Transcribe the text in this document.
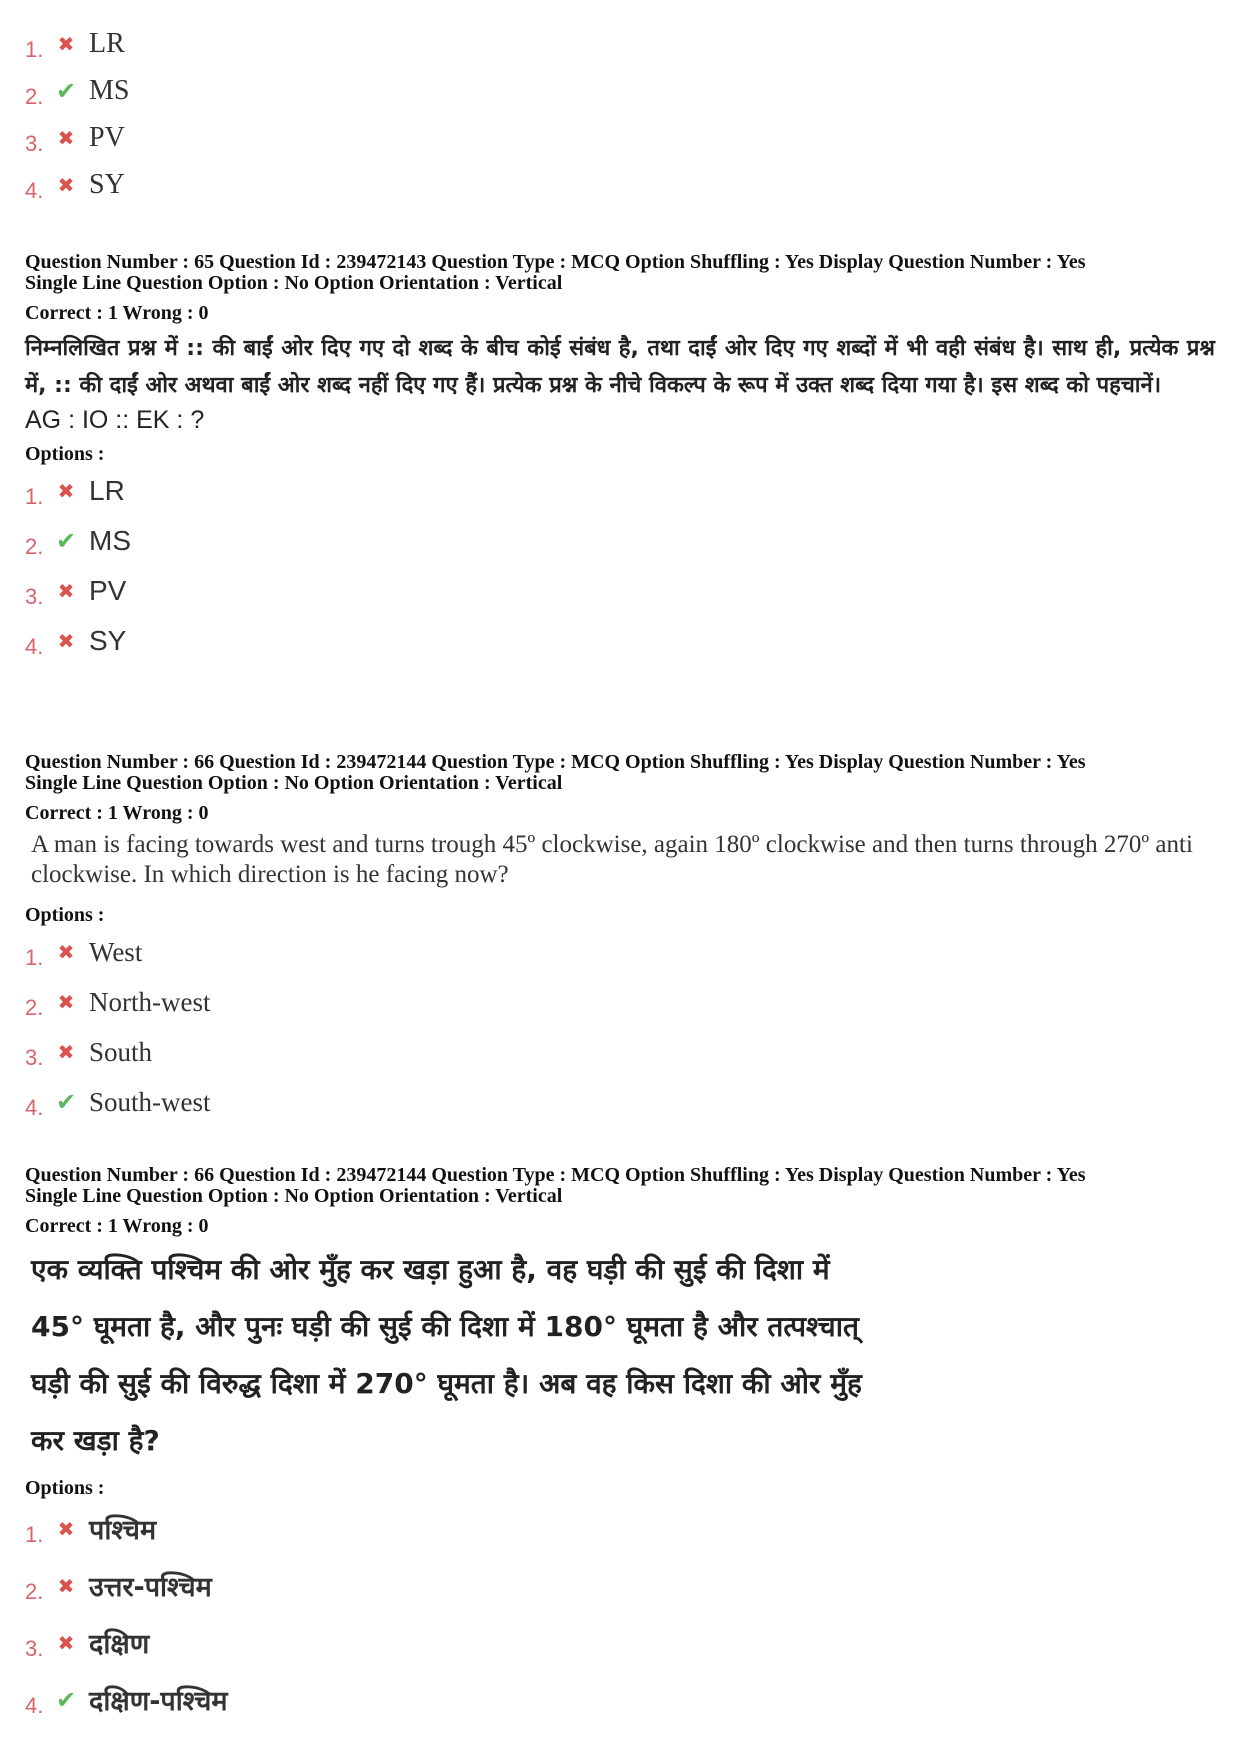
1. ✖ LR
2. ✔ MS
3. ✖ PV
4. ✖ SY

Question Number : 65 Question Id : 239472143 Question Type : MCQ Option Shuffling : Yes Display Question Number : Yes

Single Line Question Option : No Option Orientation : Vertical

Correct : 1 Wrong : 0
निम्नलिखित प्रश्न में :: की बाईं ओर दिए गए दो शब्द के बीच कोई संबंध है, तथा दाईं ओर दिए गए शब्दों में भी वही संबंध है। साथ ही, प्रत्येक प्रश्न में, :: की दाईं ओर अथवा बाईं ओर शब्द नहीं दिए गए हैं। प्रत्येक प्रश्न के नीचे विकल्प के रूप में उक्त शब्द दिया गया है। इस शब्द को पहचानें।
AG : IO :: EK : ?
Options :
1. ✖ LR
2. ✔ MS
3. ✖ PV
4. ✖ SY

Question Number : 66 Question Id : 239472144 Question Type : MCQ Option Shuffling : Yes Display Question Number : Yes

Single Line Question Option : No Option Orientation : Vertical

Correct : 1 Wrong : 0
A man is facing towards west and turns trough 45º clockwise, again 180º clockwise and then turns through 270º anti clockwise. In which direction is he facing now?
Options :
1. ✖ West
2. ✖ North-west
3. ✖ South
4. ✔ South-west

Question Number : 66 Question Id : 239472144 Question Type : MCQ Option Shuffling : Yes Display Question Number : Yes

Single Line Question Option : No Option Orientation : Vertical

Correct : 1 Wrong : 0
एक व्यक्ति पश्चिम की ओर मुँह कर खड़ा हुआ है, वह घड़ी की सुई की दिशा में
45° घूमता है, और पुनः घड़ी की सुई की दिशा में 180° घूमता है और तत्पश्चात्
घड़ी की सुई की विरुद्ध दिशा में 270° घूमता है। अब वह किस दिशा की ओर मुँह
कर खड़ा है?
Options :
1. ✖ पश्चिम
2. ✖ उत्तर-पश्चिम
3. ✖ दक्षिण
4. ✔ दक्षिण-पश्चिम
